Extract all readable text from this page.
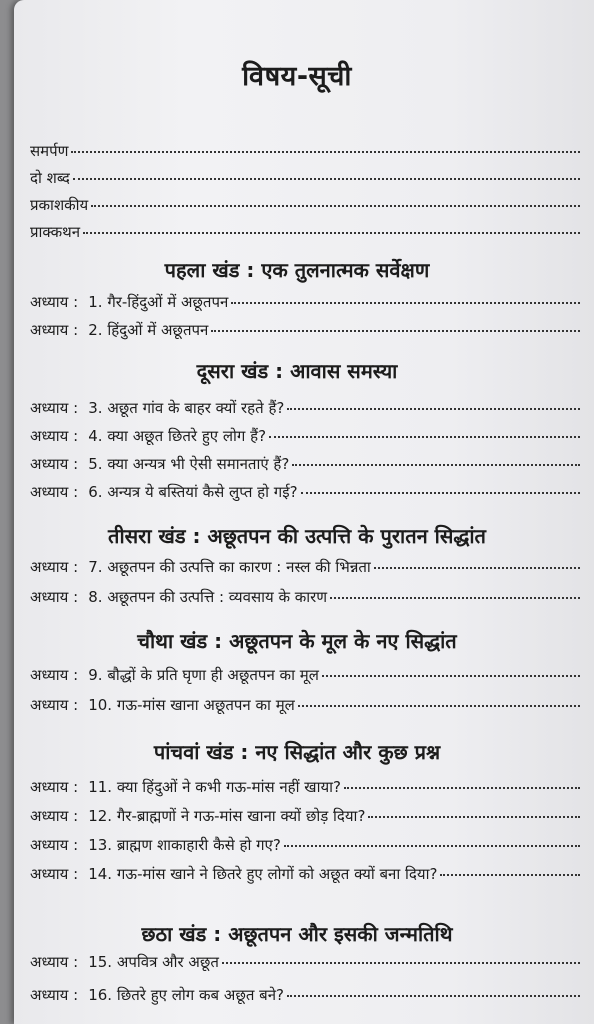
विषय-सूची
समर्पण
दो शब्द
प्रकाशकीय
प्राक्कथन
पहला खंड : एक तुलनात्मक सर्वेक्षण
अध्याय : 1.
गैर-हिंदुओं में अछूतपन
अध्याय : 2.
हिंदुओं में अछूतपन
दूसरा खंड : आवास समस्या
अध्याय : 3.
अछूत गांव के बाहर क्यों रहते हैं?
अध्याय : 4.
क्या अछूत छितरे हुए लोग हैं?
अध्याय : 5.
क्या अन्यत्र भी ऐसी समानताएं हैं?
अध्याय : 6.
अन्यत्र ये बस्तियां कैसे लुप्त हो गई?
तीसरा खंड : अछूतपन की उत्पत्ति के पुरातन सिद्धांत
अध्याय : 7.
अछूतपन की उत्पत्ति का कारण : नस्ल की भिन्नता
अध्याय : 8.
अछूतपन की उत्पत्ति : व्यवसाय के कारण
चौथा खंड : अछूतपन के मूल के नए सिद्धांत
अध्याय : 9.
बौद्धों के प्रति घृणा ही अछूतपन का मूल
अध्याय : 10.
गऊ-मांस खाना अछूतपन का मूल
पांचवां खंड : नए सिद्धांत और कुछ प्रश्न
अध्याय : 11.
क्या हिंदुओं ने कभी गऊ-मांस नहीं खाया?
अध्याय : 12.
गैर-ब्राह्मणों ने गऊ-मांस खाना क्यों छोड़ दिया?
अध्याय : 13.
ब्राह्मण शाकाहारी कैसे हो गए?
अध्याय : 14.
गऊ-मांस खाने ने छितरे हुए लोगों को अछूत क्यों बना दिया?
छठा खंड : अछूतपन और इसकी जन्मतिथि
अध्याय : 15.
अपवित्र और अछूत
अध्याय : 16.
छितरे हुए लोग कब अछूत बने?
